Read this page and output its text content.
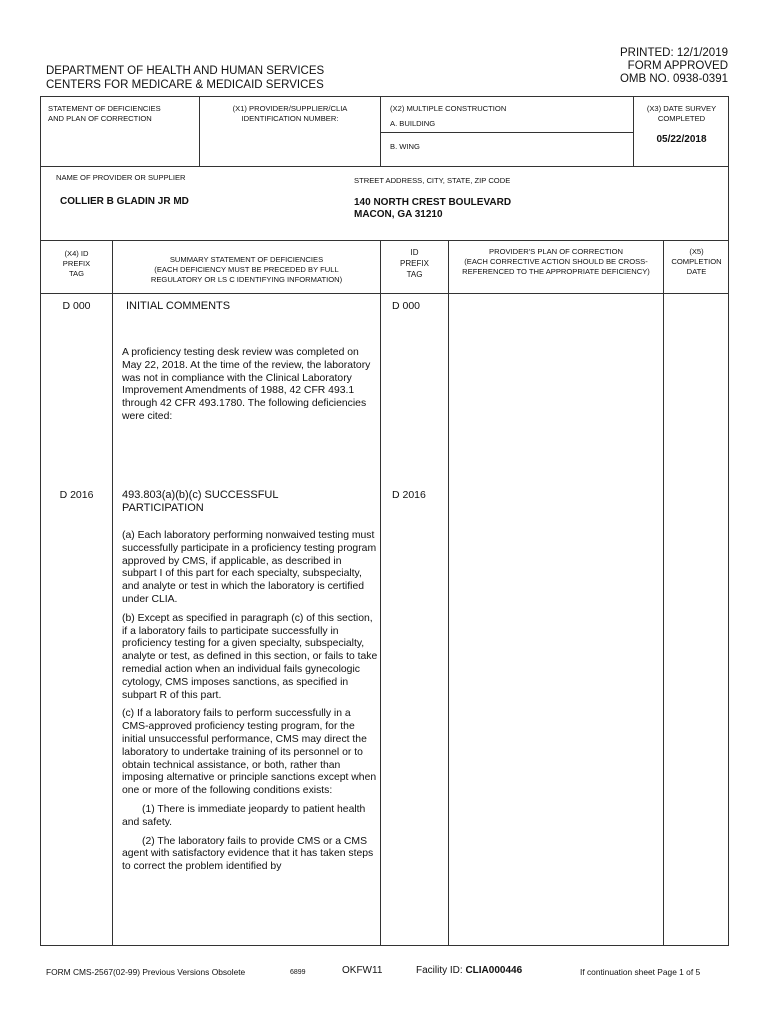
DEPARTMENT OF HEALTH AND HUMAN SERVICES
CENTERS FOR MEDICARE & MEDICAID SERVICES
PRINTED: 12/1/2019
FORM APPROVED
OMB NO. 0938-0391
STATEMENT OF DEFICIENCIES
AND PLAN OF CORRECTION
(X1) PROVIDER/SUPPLIER/CLIA
IDENTIFICATION NUMBER:
(X2) MULTIPLE CONSTRUCTION
A. BUILDING
B. WING
(X3) DATE SURVEY
COMPLETED
05/22/2018
NAME OF PROVIDER OR SUPPLIER
COLLIER B GLADIN JR MD
STREET ADDRESS, CITY, STATE, ZIP CODE
140 NORTH CREST BOULEVARD
MACON, GA 31210
(X4) ID
PREFIX
TAG
SUMMARY STATEMENT OF DEFICIENCIES
(EACH DEFICIENCY MUST BE PRECEDED BY FULL
REGULATORY OR LS C IDENTIFYING INFORMATION)
ID
PREFIX
TAG
PROVIDER'S PLAN OF CORRECTION
(EACH CORRECTIVE ACTION SHOULD BE CROSS-
REFERENCED TO THE APPROPRIATE DEFICIENCY)
(X5)
COMPLETION
DATE
D 000	INITIAL COMMENTS	D 000
A proficiency testing desk review was completed on May 22, 2018. At the time of the review, the laboratory was not in compliance with the Clinical Laboratory Improvement Amendments of 1988, 42 CFR 493.1 through 42 CFR 493.1780. The following deficiencies were cited:
D 2016	493.803(a)(b)(c) SUCCESSFUL PARTICIPATION
D 2016

(a) Each laboratory performing nonwaived testing must successfully participate in a proficiency testing program approved by CMS, if applicable, as described in subpart I of this part for each specialty, subspecialty, and analyte or test in which the laboratory is certified under CLIA.

(b) Except as specified in paragraph (c) of this section, if a laboratory fails to participate successfully in proficiency testing for a given specialty, subspecialty, analyte or test, as defined in this section, or fails to take remedial action when an individual fails gynecologic cytology, CMS imposes sanctions, as specified in subpart R of this part.

(c) If a laboratory fails to perform successfully in a CMS-approved proficiency testing program, for the initial unsuccessful performance, CMS may direct the laboratory to undertake training of its personnel or to obtain technical assistance, or both, rather than imposing alternative or principle sanctions except when one or more of the following conditions exists:

(1) There is immediate jeopardy to patient health and safety.

(2) The laboratory fails to provide CMS or a CMS agent with satisfactory evidence that it has taken steps to correct the problem identified by

FORM CMS-2567(02-99) Previous Versions Obsolete	6899	OKFW11	Facility ID: CLIA000446	If continuation sheet Page 1 of 5
